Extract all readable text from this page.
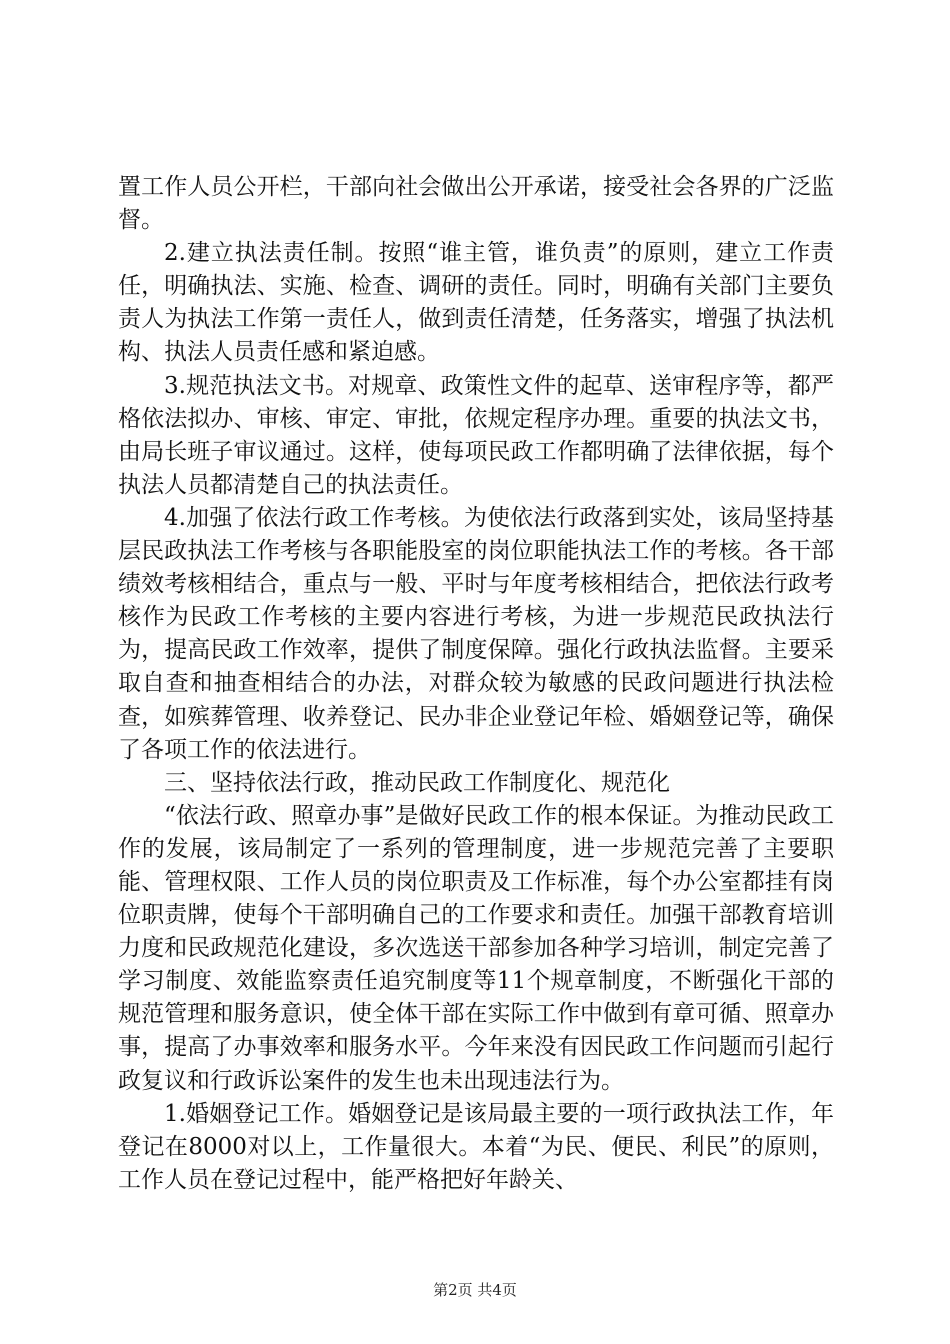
置工作人员公开栏，干部向社会做出公开承诺，接受社会各界的广泛监督。

2.建立执法责任制。按照“谁主管，谁负责”的原则，建立工作责任，明确执法、实施、检查、调研的责任。同时，明确有关部门主要负责人为执法工作第一责任人，做到责任清楚，任务落实，增强了执法机构、执法人员责任感和紧迫感。

3.规范执法文书。对规章、政策性文件的起草、送审程序等，都严格依法拟办、审核、审定、审批，依规定程序办理。重要的执法文书，由局长班子审议通过。这样，使每项民政工作都明确了法律依据，每个执法人员都清楚自己的执法责任。

4.加强了依法行政工作考核。为使依法行政落到实处，该局坚持基层民政执法工作考核与各职能股室的岗位职能执法工作的考核。各干部绩效考核相结合，重点与一般、平时与年度考核相结合，把依法行政考核作为民政工作考核的主要内容进行考核，为进一步规范民政执法行为，提高民政工作效率，提供了制度保障。强化行政执法监督。主要采取自查和抽查相结合的办法，对群众较为敏感的民政问题进行执法检查，如殡葬管理、收养登记、民办非企业登记年检、婚姻登记等，确保了各项工作的依法进行。

三、坚持依法行政，推动民政工作制度化、规范化

“依法行政、照章办事”是做好民政工作的根本保证。为推动民政工作的发展，该局制定了一系列的管理制度，进一步规范完善了主要职能、管理权限、工作人员的岗位职责及工作标准，每个办公室都挂有岗位职责牌，使每个干部明确自己的工作要求和责任。加强干部教育培训力度和民政规范化建设，多次选送干部参加各种学习培训，制定完善了学习制度、效能监察责任追究制度等11个规章制度，不断强化干部的规范管理和服务意识，使全体干部在实际工作中做到有章可循、照章办事，提高了办事效率和服务水平。今年来没有因民政工作问题而引起行政复议和行政诉讼案件的发生也未出现违法行为。

1.婚姻登记工作。婚姻登记是该局最主要的一项行政执法工作，年登记在8000对以上，工作量很大。本着“为民、便民、利民”的原则，工作人员在登记过程中，能严格把好年龄关、

第2页 共4页
